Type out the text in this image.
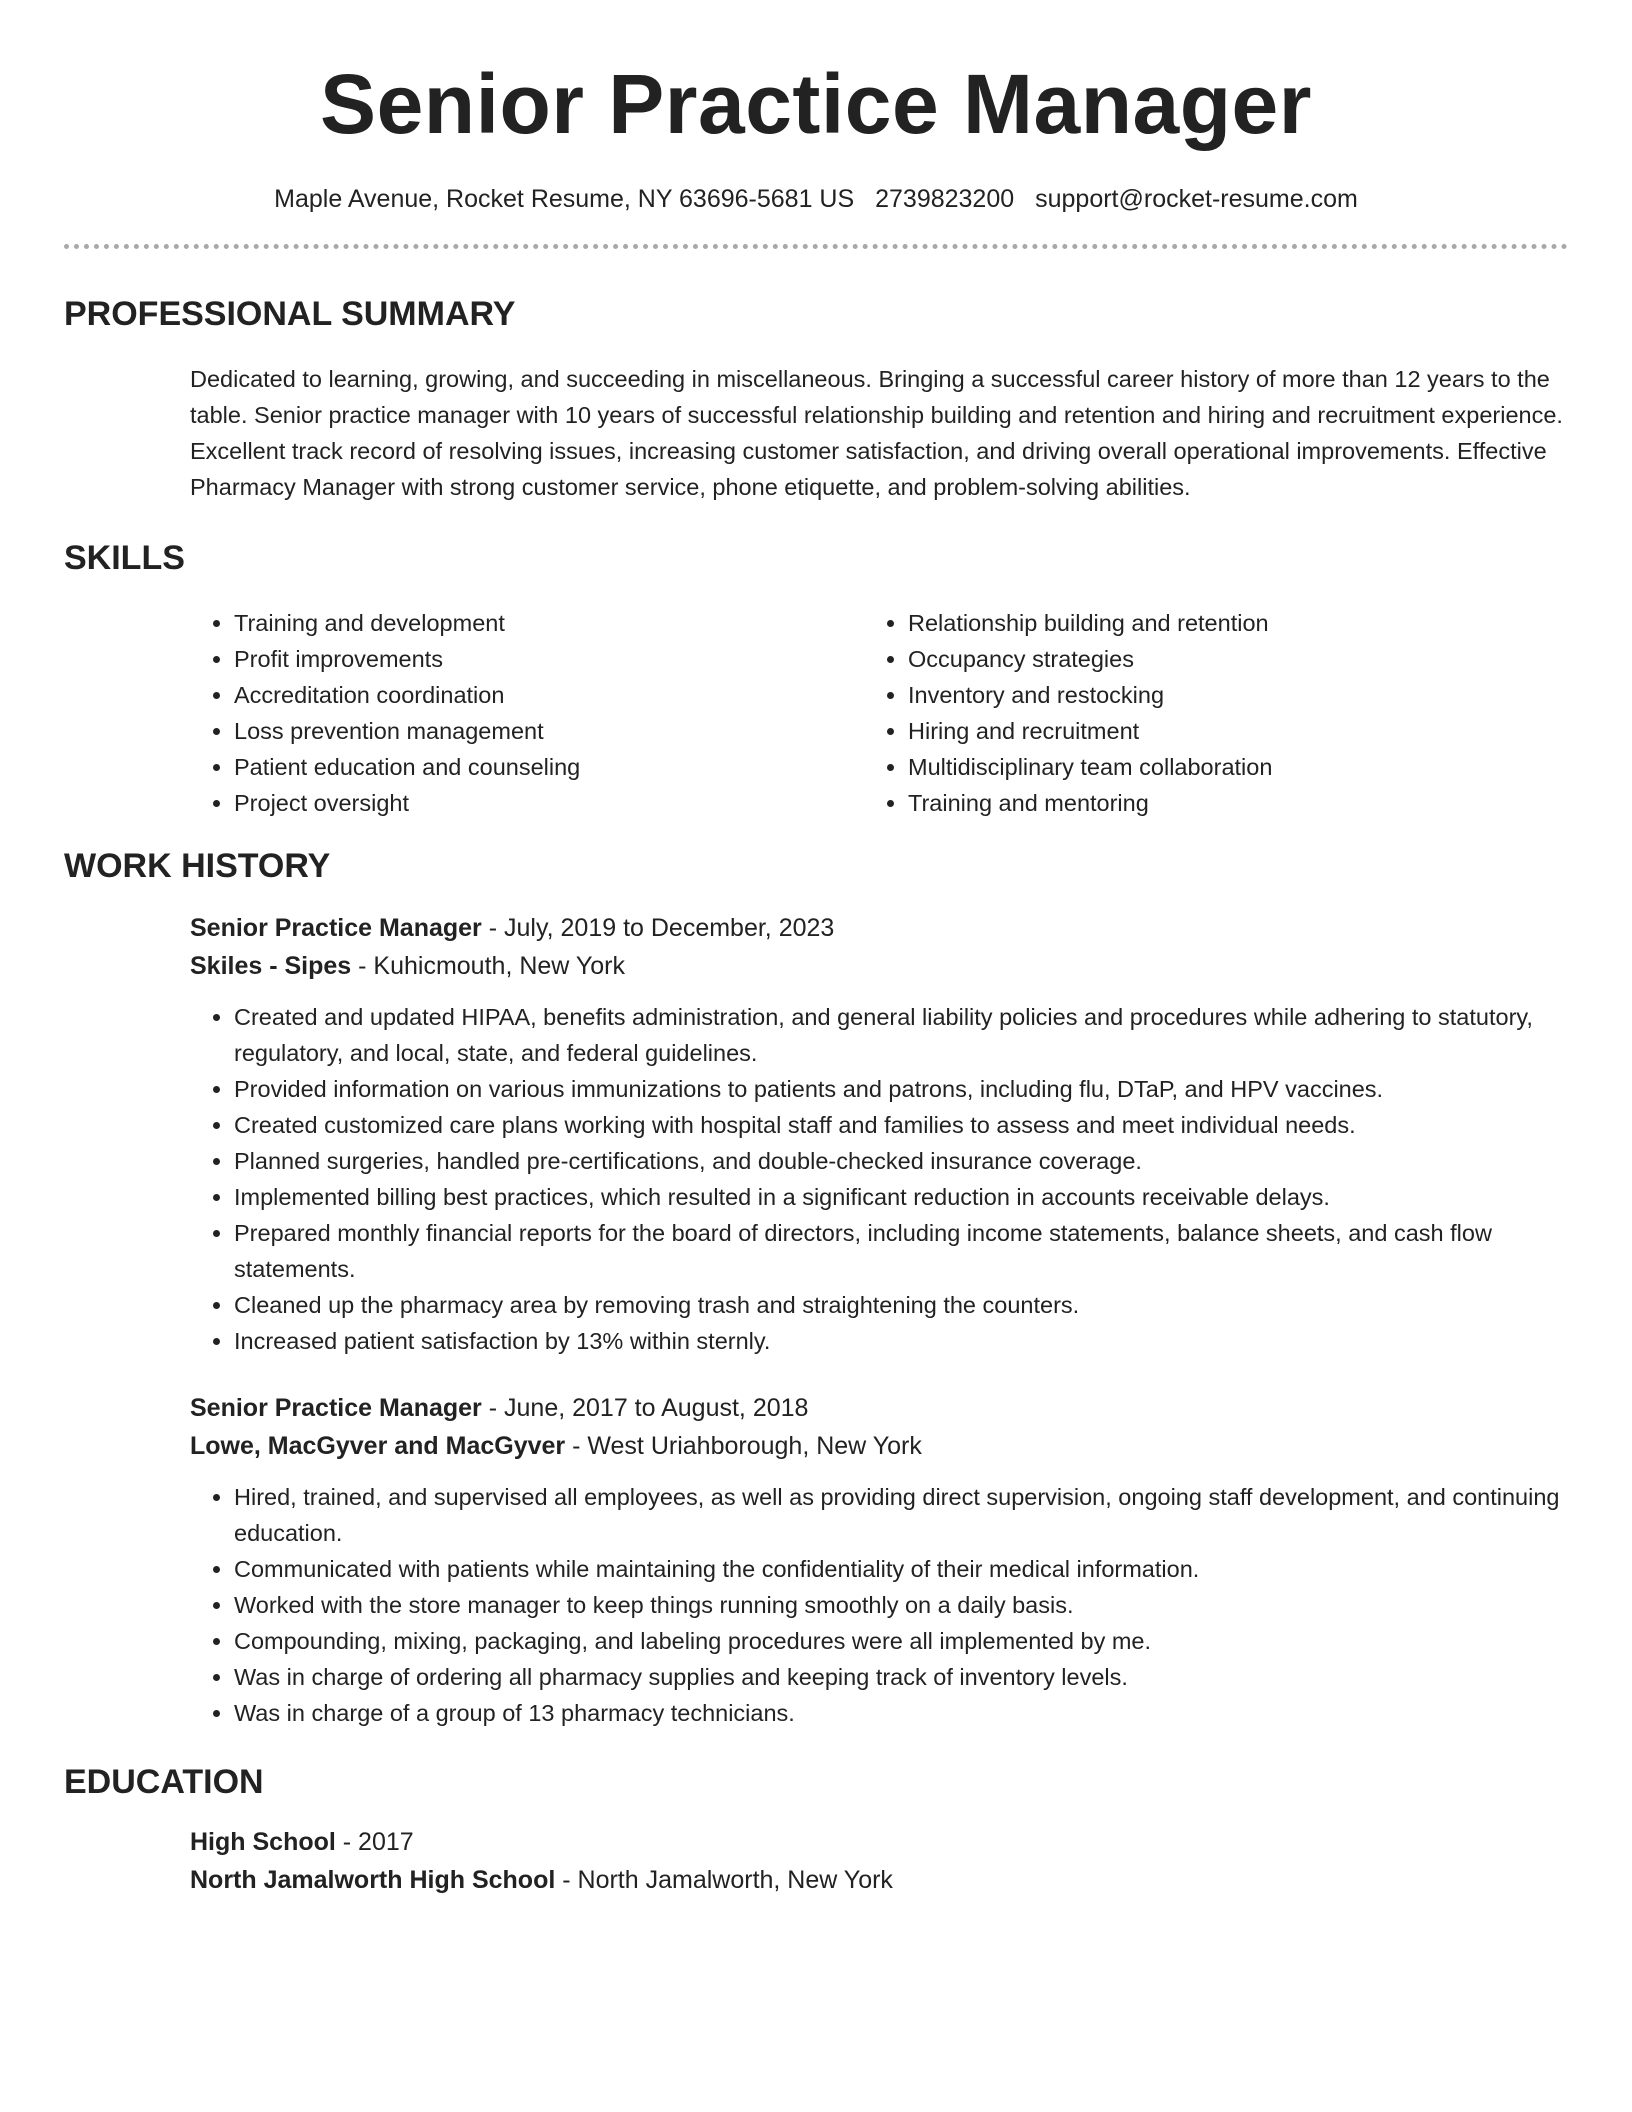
Senior Practice Manager
Maple Avenue, Rocket Resume, NY 63696-5681 US 2739823200 support@rocket-resume.com
PROFESSIONAL SUMMARY
Dedicated to learning, growing, and succeeding in miscellaneous. Bringing a successful career history of more than 12 years to the table. Senior practice manager with 10 years of successful relationship building and retention and hiring and recruitment experience. Excellent track record of resolving issues, increasing customer satisfaction, and driving overall operational improvements. Effective Pharmacy Manager with strong customer service, phone etiquette, and problem-solving abilities.
SKILLS
• Training and development
• Profit improvements
• Accreditation coordination
• Loss prevention management
• Patient education and counseling
• Project oversight
• Relationship building and retention
• Occupancy strategies
• Inventory and restocking
• Hiring and recruitment
• Multidisciplinary team collaboration
• Training and mentoring
WORK HISTORY
Senior Practice Manager - July, 2019 to December, 2023
Skiles - Sipes - Kuhicmouth, New York
• Created and updated HIPAA, benefits administration, and general liability policies and procedures while adhering to statutory, regulatory, and local, state, and federal guidelines.
• Provided information on various immunizations to patients and patrons, including flu, DTaP, and HPV vaccines.
• Created customized care plans working with hospital staff and families to assess and meet individual needs.
• Planned surgeries, handled pre-certifications, and double-checked insurance coverage.
• Implemented billing best practices, which resulted in a significant reduction in accounts receivable delays.
• Prepared monthly financial reports for the board of directors, including income statements, balance sheets, and cash flow statements.
• Cleaned up the pharmacy area by removing trash and straightening the counters.
• Increased patient satisfaction by 13% within sternly.
Senior Practice Manager - June, 2017 to August, 2018
Lowe, MacGyver and MacGyver - West Uriahborough, New York
• Hired, trained, and supervised all employees, as well as providing direct supervision, ongoing staff development, and continuing education.
• Communicated with patients while maintaining the confidentiality of their medical information.
• Worked with the store manager to keep things running smoothly on a daily basis.
• Compounding, mixing, packaging, and labeling procedures were all implemented by me.
• Was in charge of ordering all pharmacy supplies and keeping track of inventory levels.
• Was in charge of a group of 13 pharmacy technicians.
EDUCATION
High School - 2017
North Jamalworth High School - North Jamalworth, New York
